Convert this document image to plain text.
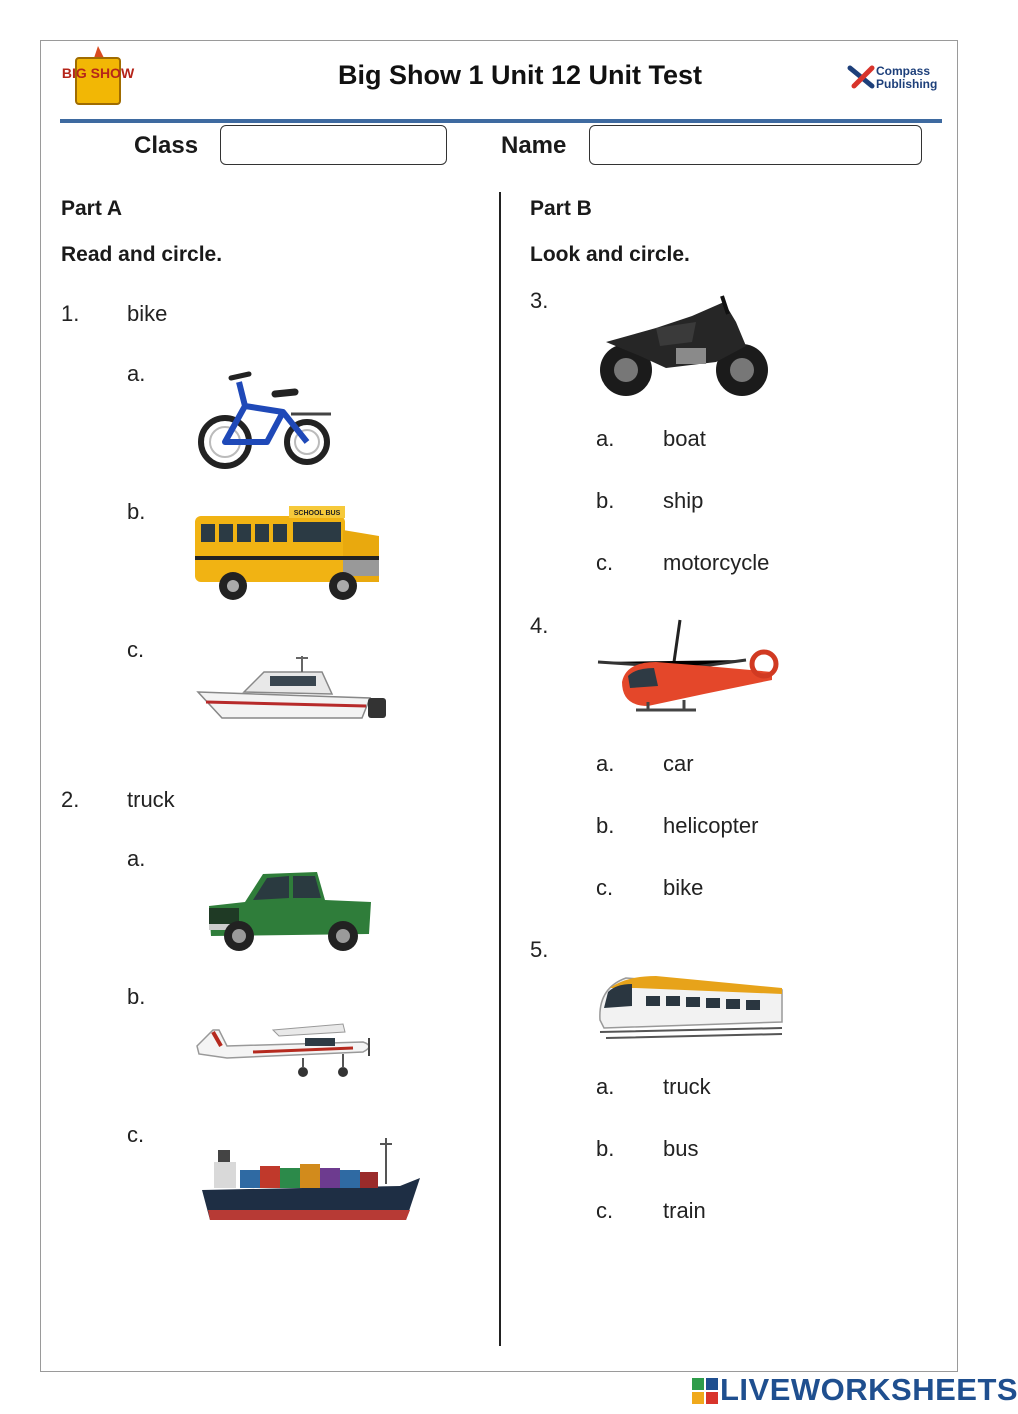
BIG SHOW	Big Show 1 Unit 12 Unit Test	Compass
Publishing
Class	Name
Part A
Read and circle.
1. bike
a.
b.	SCHOOL BUS
c.
2. truck
a.
b.
c.
Part B
Look and circle.
3.
a. boat
b. ship
c. motorcycle
4.
a. car
b. helicopter
c. bike
5.
a. truck
b. bus
c. train
LIVEWORKSHEETS
